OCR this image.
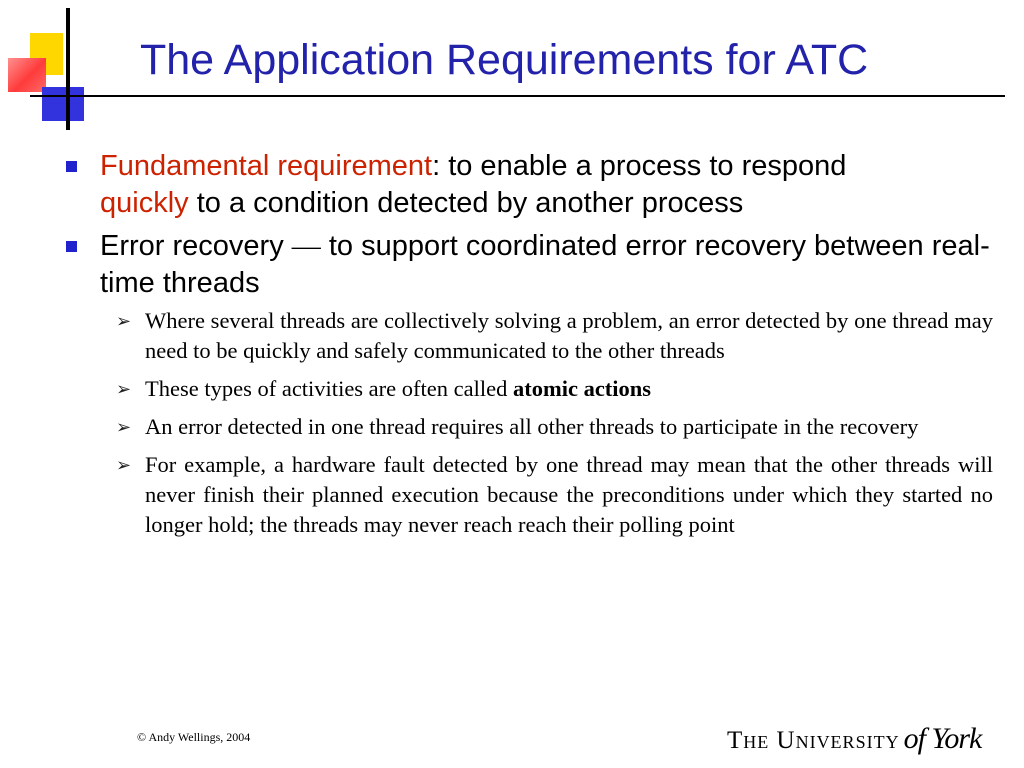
The Application Requirements for ATC
Fundamental requirement: to enable a process to respond
quickly to a condition detected by another process
Error recovery — to support coordinated error recovery between real-time threads
➢ Where several threads are collectively solving a problem, an error detected by one thread may need to be quickly and safely communicated to the other threads
➢ These types of activities are often called atomic actions
➢ An error detected in one thread requires all other threads to participate in the recovery
➢ For example, a hardware fault detected by one thread may mean that the other threads will never finish their planned execution because the preconditions under which they started no longer hold; the threads may never reach reach their polling point
© Andy Wellings, 2004	The University of York
